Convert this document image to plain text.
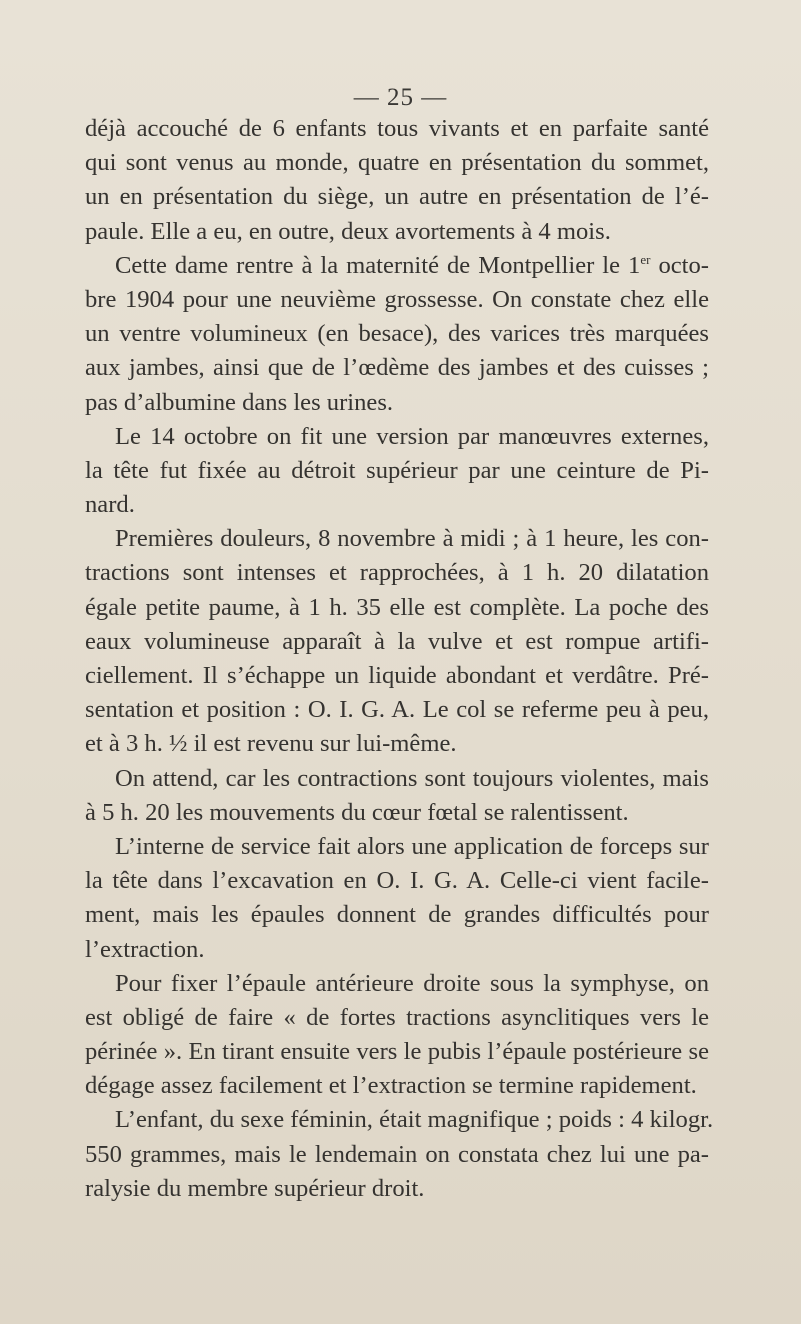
— 25 —
déjà accouché de 6 enfants tous vivants et en parfaite santé
qui sont venus au monde, quatre en présentation du sommet,
un en présentation du siège, un autre en présentation de l’é-
paule. Elle a eu, en outre, deux avortements à 4 mois.
Cette dame rentre à la maternité de Montpellier le 1er octo-
bre 1904 pour une neuvième grossesse. On constate chez elle
un ventre volumineux (en besace), des varices très marquées
aux jambes, ainsi que de l’œdème des jambes et des cuisses ;
pas d’albumine dans les urines.
Le 14 octobre on fit une version par manœuvres externes,
la tête fut fixée au détroit supérieur par une ceinture de Pi-
nard.
Premières douleurs, 8 novembre à midi ; à 1 heure, les con-
tractions sont intenses et rapprochées, à 1 h. 20 dilatation
égale petite paume, à 1 h. 35 elle est complète. La poche des
eaux volumineuse apparaît à la vulve et est rompue artifi-
ciellement. Il s’échappe un liquide abondant et verdâtre. Pré-
sentation et position : O. I. G. A. Le col se referme peu à peu,
et à 3 h. ½ il est revenu sur lui-même.
On attend, car les contractions sont toujours violentes, mais
à 5 h. 20 les mouvements du cœur fœtal se ralentissent.
L’interne de service fait alors une application de forceps sur
la tête dans l’excavation en O. I. G. A. Celle-ci vient facile-
ment, mais les épaules donnent de grandes difficultés pour
l’extraction.
Pour fixer l’épaule antérieure droite sous la symphyse, on
est obligé de faire « de fortes tractions asynclitiques vers le
périnée ». En tirant ensuite vers le pubis l’épaule postérieure se
dégage assez facilement et l’extraction se termine rapidement.
L’enfant, du sexe féminin, était magnifique ; poids : 4 kilogr.
550 grammes, mais le lendemain on constata chez lui une pa-
ralysie du membre supérieur droit.
